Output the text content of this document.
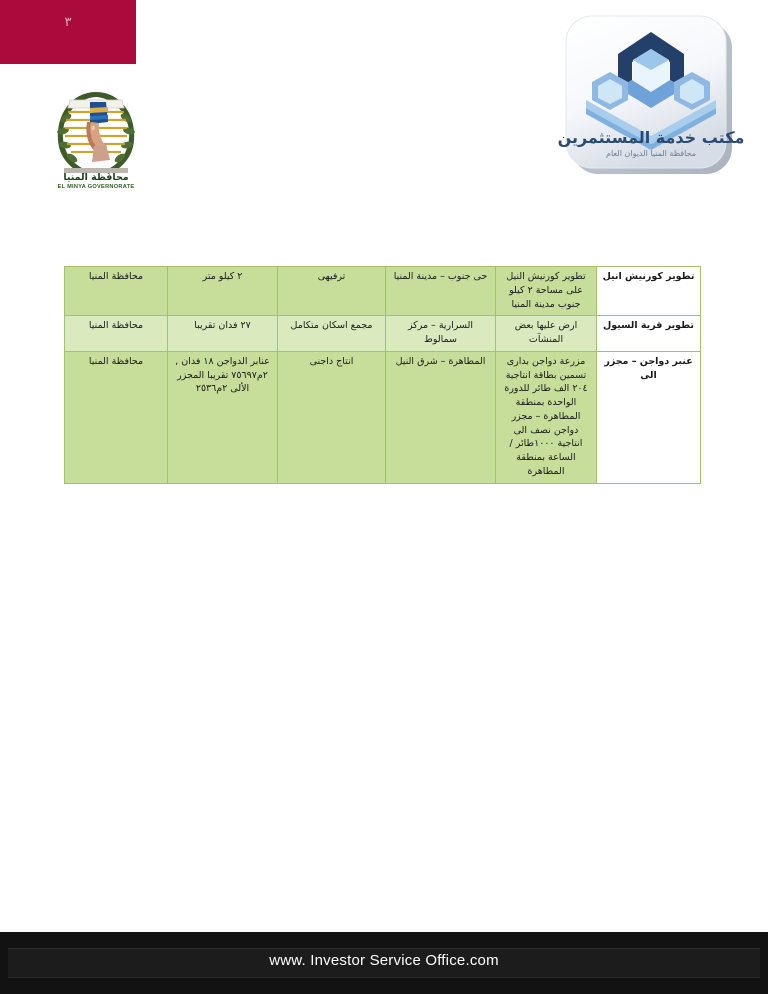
٣
محافظة المنيا
EL MINYA GOVERNORATE
مكتب خدمة المستثمرين
محافظة المنيا الديوان العام
تطوير كورنيش انيل	تطوير كورنيش النيل على مساحة ٢ كيلو جنوب مدينة المنيا	حى جنوب – مدينة المنيا	ترفيهى	٢ كيلو متر	محافظة المنيا
تطوير قرية السيول	ارض عليها بعض المنشآت	السرارية – مركز سمالوط	مجمع اسكان متكامل	٢٧ فدان تقريبا	محافظة المنيا
عنبر دواجن – مجزر الى	مزرعة دواجن بدارى تسمين بطاقة انتاجية ٢٠٤ الف طائر للدورة الواحدة بمنطقة المطاهرة – مجزر دواجن نصف الى انتاجية ١٠٠٠طائر / الساعة بمنطقة المطاهرة	المطاهرة – شرق النيل	انتاج داجنى	عنابر الدواجن ١٨ فدان , ٢م٧٥٦٩٧ تقريبا المجزر الألى ٢م٢٥٣٦	محافظة المنيا
www. Investor Service Office.com
